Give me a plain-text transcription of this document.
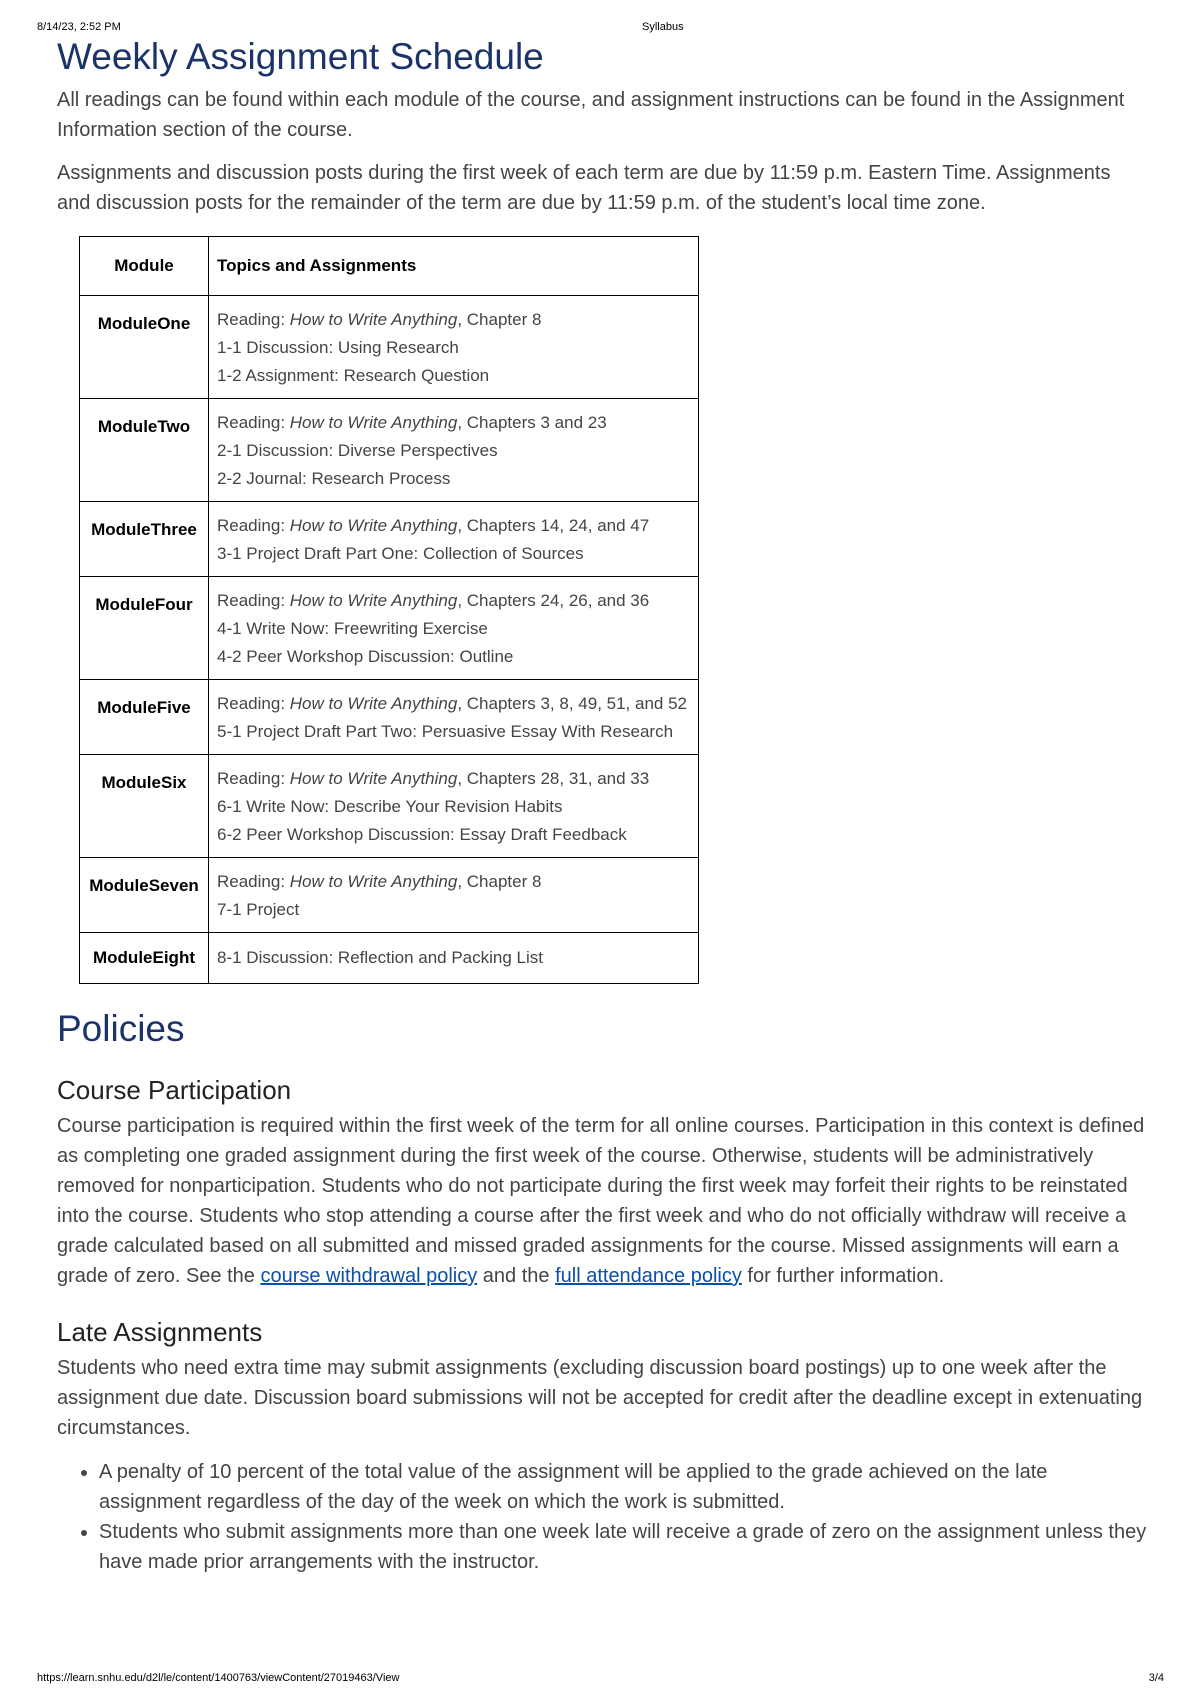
8/14/23, 2:52 PM	Syllabus
Weekly Assignment Schedule

All readings can be found within each module of the course, and assignment instructions can be found in the Assignment Information section of the course.

Assignments and discussion posts during the first week of each term are due by 11:59 p.m. Eastern Time. Assignments and discussion posts for the remainder of the term are due by 11:59 p.m. of the student’s local time zone.

Module	Topics and Assignments
ModuleOne	Reading: How to Write Anything, Chapter 8
1-1 Discussion: Using Research
1-2 Assignment: Research Question

ModuleTwo	Reading: How to Write Anything, Chapters 3 and 23
2-1 Discussion: Diverse Perspectives
2-2 Journal: Research Process

ModuleThree	Reading: How to Write Anything, Chapters 14, 24, and 47
3-1 Project Draft Part One: Collection of Sources

ModuleFour	Reading: How to Write Anything, Chapters 24, 26, and 36
4-1 Write Now: Freewriting Exercise
4-2 Peer Workshop Discussion: Outline

ModuleFive	Reading: How to Write Anything, Chapters 3, 8, 49, 51, and 52
5-1 Project Draft Part Two: Persuasive Essay With Research

ModuleSix	Reading: How to Write Anything, Chapters 28, 31, and 33
6-1 Write Now: Describe Your Revision Habits
6-2 Peer Workshop Discussion: Essay Draft Feedback

ModuleSeven	Reading: How to Write Anything, Chapter 8
7-1 Project

ModuleEight	8-1 Discussion: Reflection and Packing List
Policies
Course Participation

Course participation is required within the first week of the term for all online courses. Participation in this context is defined as completing one graded assignment during the first week of the course. Otherwise, students will be administratively removed for nonparticipation. Students who do not participate during the first week may forfeit their rights to be reinstated into the course. Students who stop attending a course after the first week and who do not officially withdraw will receive a grade calculated based on all submitted and missed graded assignments for the course. Missed assignments will earn a grade of zero. See the course withdrawal policy and the full attendance policy for further information.

Late Assignments

Students who need extra time may submit assignments (excluding discussion board postings) up to one week after the assignment due date. Discussion board submissions will not be accepted for credit after the deadline except in extenuating circumstances.

• A penalty of 10 percent of the total value of the assignment will be applied to the grade achieved on the late assignment regardless of the day of the week on which the work is submitted.
• Students who submit assignments more than one week late will receive a grade of zero on the assignment unless they have made prior arrangements with the instructor.
https://learn.snhu.edu/d2l/le/content/1400763/viewContent/27019463/View	3/4
